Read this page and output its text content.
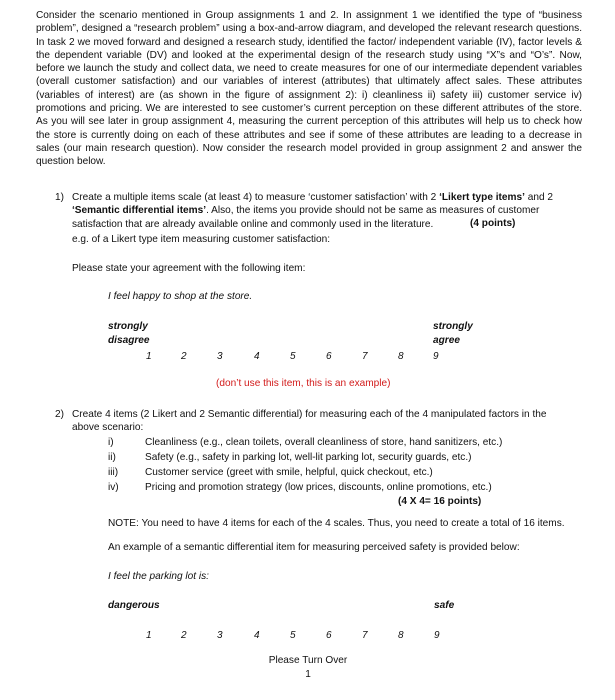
Consider the scenario mentioned in Group assignments 1 and 2. In assignment 1 we identified the type of “business problem”, designed a “research problem” using a box-and-arrow diagram, and developed the relevant research questions. In task 2 we moved forward and designed a research study, identified the factor/ independent variable (IV), factor levels & the dependent variable (DV) and looked at the experimental design of the research study using “X”s and “O’s”. Now, before we launch the study and collect data, we need to create measures for one of our intermediate dependent variables (overall customer satisfaction) and our variables of interest (attributes) that ultimately affect sales. These attributes (variables of interest) are (as shown in the figure of assignment 2): i) cleanliness ii) safety iii) customer service iv) promotions and pricing. We are interested to see customer’s current perception on these different attributes of the store. As you will see later in group assignment 4, measuring the current perception of this attributes will help us to check how the store is currently doing on each of these attributes and see if some of these attributes are leading to a decrease in sales (our main research question). Now consider the research model provided in group assignment 2 and answer the question below.

1) Create a multiple items scale (at least 4) to measure ‘customer satisfaction’ with 2 ‘Likert type items’ and 2 ‘Semantic differential items’. Also, the items you provide should not be same as measures of customer satisfaction that are already available online and commonly used in the literature.	(4 points)
e.g. of a Likert type item measuring customer satisfaction:
Please state your agreement with the following item:
I feel happy to shop at the store.
strongly
disagree
strongly
agree
1	2	3	4	5	6	7	8	9
(don’t use this item, this is an example)
2) Create 4 items (2 Likert and 2 Semantic differential) for measuring each of the 4 manipulated factors in the above scenario:
i)	Cleanliness (e.g., clean toilets, overall cleanliness of store, hand sanitizers, etc.)
ii)	Safety (e.g., safety in parking lot, well-lit parking lot, security guards, etc.)
iii)	Customer service (greet with smile, helpful, quick checkout, etc.)
iv)	Pricing and promotion strategy (low prices, discounts, online promotions, etc.)
(4 X 4= 16 points)
NOTE: You need to have 4 items for each of the 4 scales. Thus, you need to create a total of 16 items.
An example of a semantic differential item for measuring perceived safety is provided below:
I feel the parking lot is:
dangerous	safe
1	2	3	4	5	6	7	8	9
Please Turn Over
1
